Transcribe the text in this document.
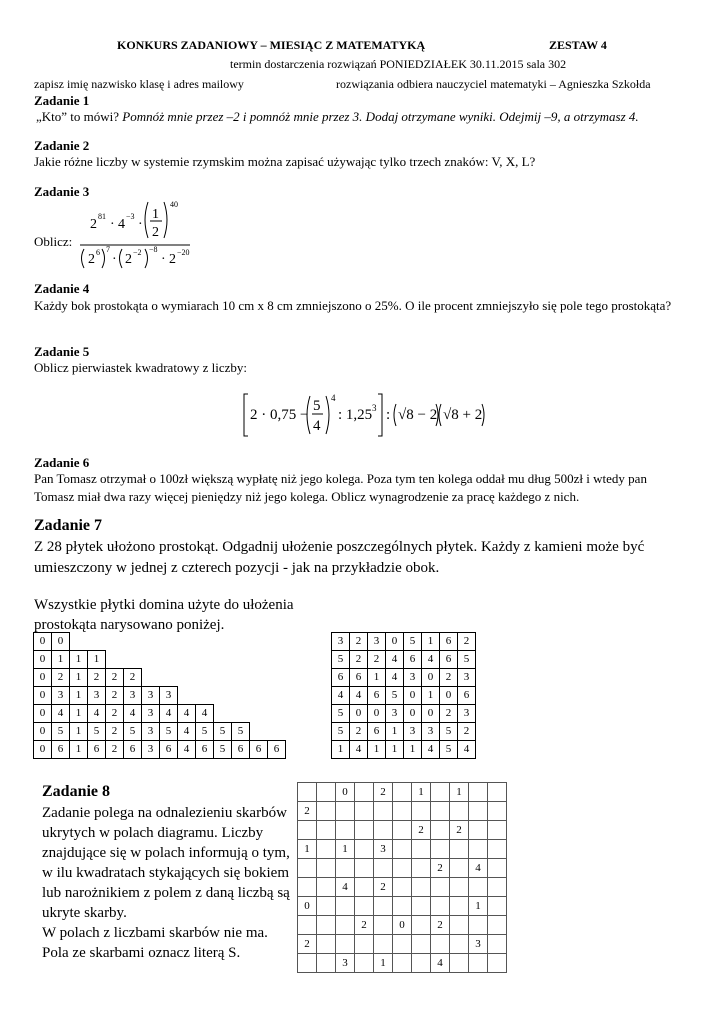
KONKURS ZADANIOWY – MIESIĄC Z MATEMATYKĄ	ZESTAW 4
termin dostarczenia rozwiązań PONIEDZIAŁEK 30.11.2015 sala 302
zapisz imię nazwisko klasę i adres mailowy	rozwiązania odbiera nauczyciel matematyki – Agnieszka Szkołda
Zadanie 1
„Kto” to mówi? Pomnóż mnie przez –2 i pomnóż mnie przez 3. Dodaj otrzymane wyniki. Odejmij –9, a otrzymasz 4.
Zadanie 2
Jakie różne liczby w systemie rzymskim można zapisać używając tylko trzech znaków: V, X, L?
Zadanie 3
Oblicz:
2
81
· 4
−3
·
1
2
40
2 6 7
· 2 −2 −8
· 2 −20
Zadanie 4
Każdy bok prostokąta o wymiarach 10 cm x 8 cm zmniejszono o 25%. O ile procent zmniejszyło się pole tego prostokąta?
Zadanie 5
Oblicz pierwiastek kwadratowy z liczby:
2 · 0,75 −
5
4
4
: 1,25 3 : √8 − 2 √8 + 2
Zadanie 6
Pan Tomasz otrzymał o 100zł większą wypłatę niż jego kolega. Poza tym ten kolega oddał mu dług 500zł i wtedy pan Tomasz miał dwa razy więcej pieniędzy niż jego kolega. Oblicz wynagrodzenie za pracę każdego z nich.
Zadanie 7
Z 28 płytek ułożono prostokąt. Odgadnij ułożenie poszczególnych płytek. Każdy z kamieni może być umieszczony w jednej z czterech pozycji - jak na przykładzie obok.
Wszystkie płytki domina użyte do ułożenia prostokąta narysowano poniżej.
0	0												
0	1	1	1										
0	2	1	2	2	2								
0	3	1	3	2	3	3	3						
0	4	1	4	2	4	3	4	4	4				
0	5	1	5	2	5	3	5	4	5	5	5		
0	6	1	6	2	6	3	6	4	6	5	6	6	6
3	2	3	0	5	1	6	2
5	2	2	4	6	4	6	5
6	6	1	4	3	0	2	3
4	4	6	5	0	1	0	6
5	0	0	3	0	0	2	3
5	2	6	1	3	3	5	2
1	4	1	1	1	4	5	4
Zadanie 8
Zadanie polega na odnalezieniu skarbów
ukrytych w polach diagramu. Liczby
znajdujące się w polach informują o tym,
w ilu kwadratach stykających się bokiem
lub narożnikiem z polem z daną liczbą są
ukryte skarby.
W polach z liczbami skarbów nie ma.
Pola ze skarbami oznacz literą S.
		0		2		1		1		
2										
						2		2		
1		1		3						
							2		4	
		4		2						
0									1	
			2		0		2			
2									3	
		3		1			4			
